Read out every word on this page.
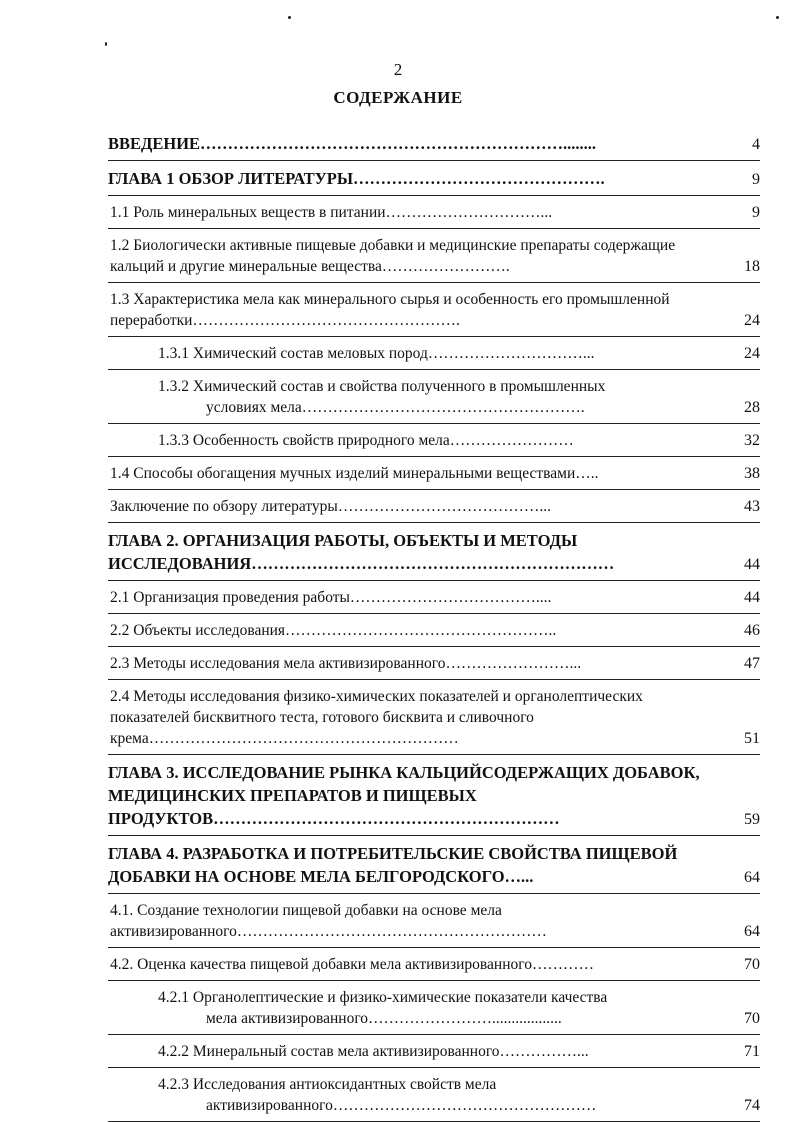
2
СОДЕРЖАНИЕ
ВВЕДЕНИЕ…………………………………………………………........	4
ГЛАВА 1 ОБЗОР ЛИТЕРАТУРЫ……………………………………….	9
1.1 Роль минеральных веществ в питании…………………………...	9
1.2 Биологически активные пищевые добавки и медицинские препараты содержащие кальций и другие минеральные вещества…………………….	18
1.3 Характеристика мела как минерального сырья и особенность его промышленной переработки…………………………………………….	24
1.3.1 Химический состав меловых пород…………………………...	24
1.3.2 Химический состав и свойства полученного в промышленных
условиях мела……………………………………………….	28
1.3.3 Особенность свойств природного мела……………………	32
1.4 Способы обогащения мучных изделий минеральными веществами…..	38
Заключение по обзору литературы…………………………………...	43
ГЛАВА 2. ОРГАНИЗАЦИЯ РАБОТЫ, ОБЪЕКТЫ И МЕТОДЫ ИССЛЕДОВАНИЯ…………………………………………………………	44
2.1 Организация проведения работы………………………………....	44
2.2 Объекты исследования……………………………………………..	46
2.3 Методы исследования мела активизированного……………………...	47
2.4 Методы исследования физико-химических показателей и органолептических показателей бисквитного теста, готового бисквита и сливочного крема……………………………………………………	51
ГЛАВА 3. ИССЛЕДОВАНИЕ РЫНКА КАЛЬЦИЙСОДЕРЖАЩИХ ДОБАВОК, МЕДИЦИНСКИХ ПРЕПАРАТОВ И ПИЩЕВЫХ ПРОДУКТОВ………………………………………………………	59
ГЛАВА 4. РАЗРАБОТКА И ПОТРЕБИТЕЛЬСКИЕ СВОЙСТВА ПИЩЕВОЙ ДОБАВКИ НА ОСНОВЕ МЕЛА БЕЛГОРОДСКОГО…...	64
4.1. Создание технологии пищевой добавки на основе мела активизированного……………………………………………………	64
4.2. Оценка качества пищевой добавки мела активизированного…………	70
4.2.1 Органолептические и физико-химические показатели качества
мела активизированного……………………..................	70
4.2.2 Минеральный состав мела активизированного……………...	71
4.2.3 Исследования антиоксидантных свойств мела
активизированного……………………………………………	74
